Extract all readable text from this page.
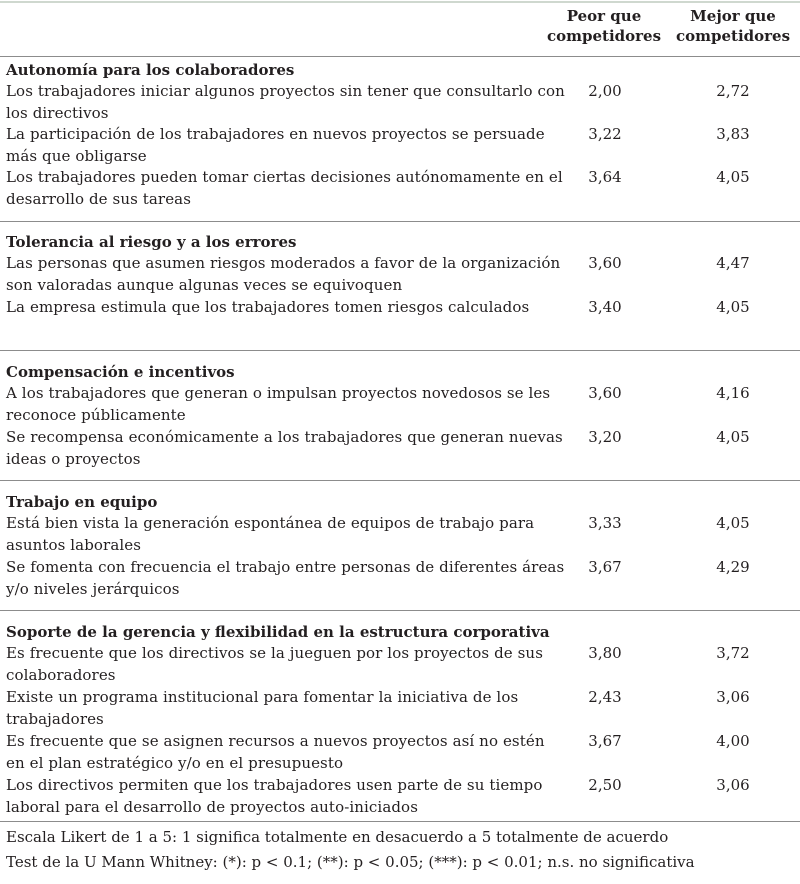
Peor que competidores
Mejor que competidores
Autonomía para los colaboradores
Los trabajadores iniciar algunos proyectos sin tener que consultarlo con los directivos
2,00	2,72
La participación de los trabajadores en nuevos proyectos se persuade más que obligarse
3,22	3,83
Los trabajadores pueden tomar ciertas decisiones autónomamente en el desarrollo de sus tareas
3,64	4,05
Tolerancia al riesgo y a los errores
Las personas que asumen riesgos moderados a favor de la organización son valoradas aunque algunas veces se equivoquen
3,60	4,47
La empresa estimula que los trabajadores tomen riesgos calculados	3,40	4,05
Compensación e incentivos
A los trabajadores que generan o impulsan proyectos novedosos se les reconoce públicamente
3,60	4,16
Se recompensa económicamente a los trabajadores que generan nuevas ideas o proyectos
3,20	4,05
Trabajo en equipo
Está bien vista la generación espontánea de equipos de trabajo para asuntos laborales
3,33	4,05
Se fomenta con frecuencia el trabajo entre personas de diferentes áreas y/o niveles jerárquicos
3,67	4,29
Soporte de la gerencia y flexibilidad en la estructura corporativa
Es frecuente que los directivos se la jueguen por los proyectos de sus colaboradores
3,80	3,72
Existe un programa institucional para fomentar la iniciativa de los trabajadores
2,43	3,06
Es frecuente que se asignen recursos a nuevos proyectos así no estén en el plan estratégico y/o en el presupuesto
3,67	4,00
Los directivos permiten que los trabajadores usen parte de su tiempo laboral para el desarrollo de proyectos auto-iniciados
2,50	3,06
Escala Likert de 1 a 5: 1 significa totalmente en desacuerdo a 5 totalmente de acuerdo
Test de la U Mann Whitney: (*): p < 0.1; (**): p < 0.05; (***): p < 0.01; n.s. no significativa
